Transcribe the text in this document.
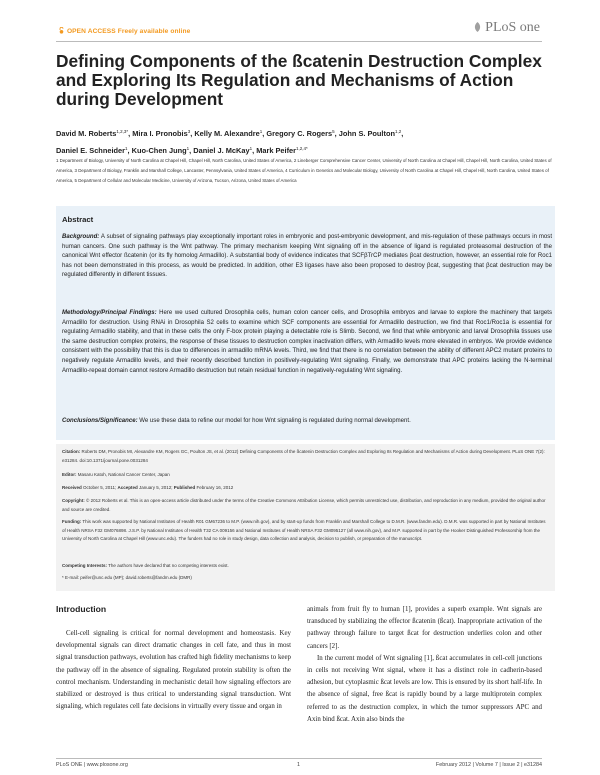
OPEN ACCESS Freely available online	PLoS one
Defining Components of the ßcatenin Destruction Complex and Exploring Its Regulation and Mechanisms of Action during Development
David M. Roberts$^{1,2,3*}$, Mira I. Pronobis$^3$, Kelly M. Alexandre$^1$, Gregory C. Rogers$^5$, John S. Poulton$^{1,2}$,
Daniel E. Schneider$^1$, Kuo-Chen Jung$^1$, Daniel J. McKay$^1$, Mark Peifer$^{1,2,4*}$
1 Department of Biology, University of North Carolina at Chapel Hill, Chapel Hill, North Carolina, United States of America, 2 Lineberger Comprehensive Cancer Center, University of North Carolina at Chapel Hill, Chapel Hill, North Carolina, United States of America, 3 Department of Biology, Franklin and Marshall College, Lancaster, Pennsylvania, United States of America, 4 Curriculum in Genetics and Molecular Biology, University of North Carolina at Chapel Hill, Chapel Hill, North Carolina, United States of America, 5 Department of Cellular and Molecular Medicine, University of Arizona, Tucson, Arizona, United States of America
Abstract
Background: A subset of signaling pathways play exceptionally important roles in embryonic and post-embryonic development, and mis-regulation of these pathways occurs in most human cancers. One such pathway is the Wnt pathway. The primary mechanism keeping Wnt signaling off in the absence of ligand is regulated proteasomal destruction of the canonical Wnt effector ßcatenin (or its fly homolog Armadillo). A substantial body of evidence indicates that SCFβTrCP mediates βcat destruction, however, an essential role for Roc1 has not been demonstrated in this process, as would be predicted. In addition, other E3 ligases have also been proposed to destroy βcat, suggesting that βcat destruction may be regulated differently in different tissues.
Methodology/Principal Findings: Here we used cultured Drosophila cells, human colon cancer cells, and Drosophila embryos and larvae to explore the machinery that targets Armadillo for destruction. Using RNAi in Drosophila S2 cells to examine which SCF components are essential for Armadillo destruction, we find that Roc1/Roc1a is essential for regulating Armadillo stability, and that in these cells the only F-box protein playing a detectable role is Slimb. Second, we find that while embryonic and larval Drosophila tissues use the same destruction complex proteins, the response of these tissues to destruction complex inactivation differs, with Armadillo levels more elevated in embryos. We provide evidence consistent with the possibility that this is due to differences in armadillo mRNA levels. Third, we find that there is no correlation between the ability of different APC2 mutant proteins to negatively regulate Armadillo levels, and their recently described function in positively-regulating Wnt signaling. Finally, we demonstrate that APC proteins lacking the N-terminal Armadillo-repeat domain cannot restore Armadillo destruction but retain residual function in negatively-regulating Wnt signaling.
Conclusions/Significance: We use these data to refine our model for how Wnt signaling is regulated during normal development.
Citation: Roberts DM, Pronobis MI, Alexandre KM, Rogers GC, Poulton JS, et al. (2012) Defining Components of the ßcatenin Destruction Complex and Exploring Its Regulation and Mechanisms of Action during Development. PLoS ONE 7(2): e31284. doi:10.1371/journal.pone.0031284
Editor: Masaru Katoh, National Cancer Center, Japan
Received October 5, 2011; Accepted January 5, 2012; Published February 16, 2012
Copyright: © 2012 Roberts et al. This is an open-access article distributed under the terms of the Creative Commons Attribution License, which permits unrestricted use, distribution, and reproduction in any medium, provided the original author and source are credited.
Funding: This work was supported by National Institutes of Health R01 GM67236 to M.P. (www.nih.gov), and by start-up funds from Franklin and Marshall College to D.M.R. (www.fandm.edu). D.M.R. was supported in part by National Institutes of Health NRSA F32 GM076898. J.S.P. by National Institutes of Health T32 CA 009156 and National Institutes of Health NRSA F32 GM095127 (all www.nih.gov), and M.P. supported in part by the Hooker Distinguished Professorship from the University of North Carolina at Chapel Hill (www.unc.edu). The funders had no role in study design, data collection and analysis, decision to publish, or preparation of the manuscript.
Competing Interests: The authors have declared that no competing interests exist.
* E-mail: peifer@unc.edu (MP); david.roberts@fandm.edu (DMR)
Introduction
Cell-cell signaling is critical for normal development and homeostasis. Key developmental signals can direct dramatic changes in cell fate, and thus in most signal transduction pathways, evolution has crafted high fidelity mechanisms to keep the pathway off in the absence of signaling. Regulated protein stability is often the control mechanism. Understanding in mechanistic detail how signaling effectors are stabilized or destroyed is thus critical to understanding signal transduction. Wnt signaling, which regulates cell fate decisions in virtually every tissue and organ in
animals from fruit fly to human [1], provides a superb example. Wnt signals are transduced by stabilizing the effector ßcatenin (ßcat). Inappropriate activation of the pathway through failure to target ßcat for destruction underlies colon and other cancers [2].
In the current model of Wnt signaling [1], ßcat accumulates in cell-cell junctions in cells not receiving Wnt signal, where it has a distinct role in cadherin-based adhesion, but cytoplasmic ßcat levels are low. This is ensured by its short half-life. In the absence of signal, free ßcat is rapidly bound by a large multiprotein complex referred to as the destruction complex, in which the tumor suppressors APC and Axin bind ßcat. Axin also binds the
PLoS ONE | www.plosone.org	1	February 2012 | Volume 7 | Issue 2 | e31284
